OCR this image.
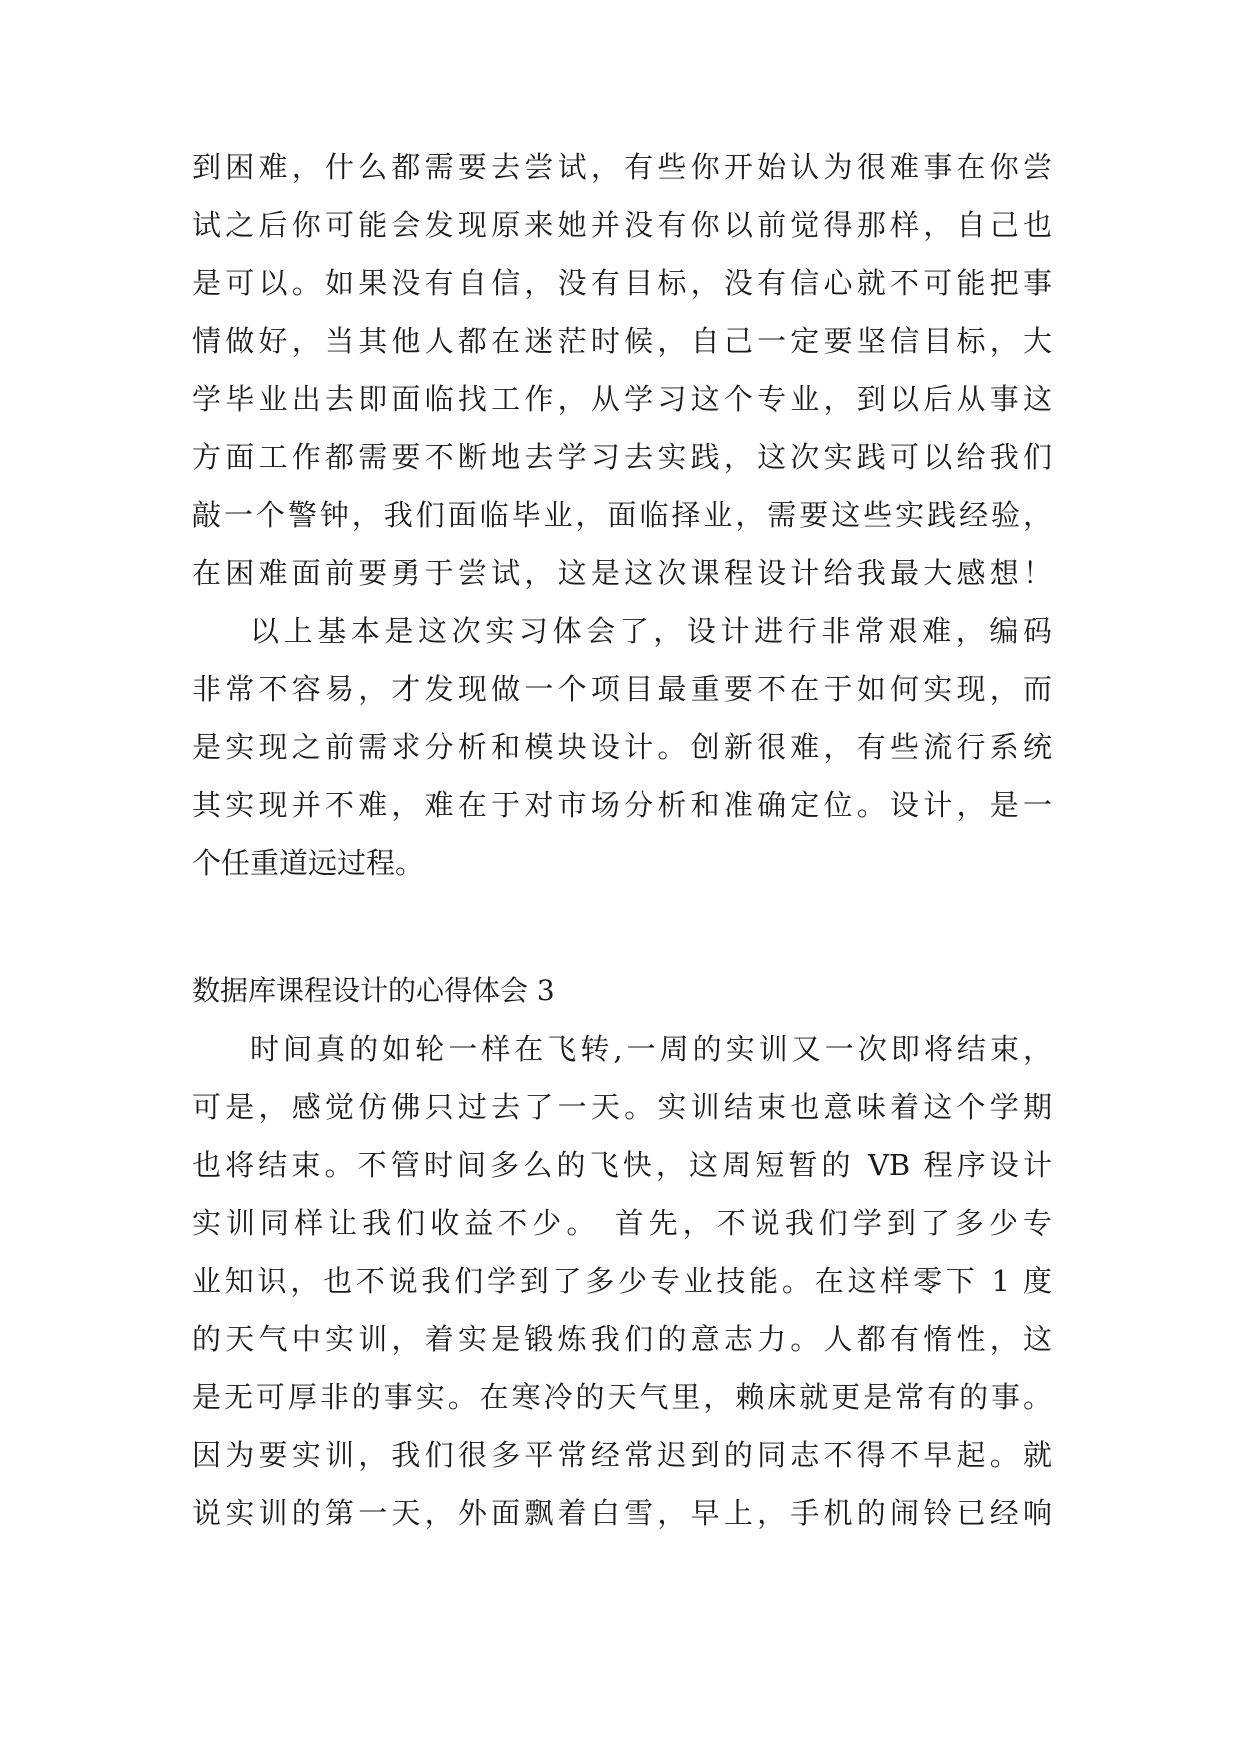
到困难，什么都需要去尝试，有些你开始认为很难事在你尝
试之后你可能会发现原来她并没有你以前觉得那样，自己也
是可以。如果没有自信，没有目标，没有信心就不可能把事
情做好，当其他人都在迷茫时候，自己一定要坚信目标，大
学毕业出去即面临找工作，从学习这个专业，到以后从事这
方面工作都需要不断地去学习去实践，这次实践可以给我们
敲一个警钟，我们面临毕业，面临择业，需要这些实践经验，
在困难面前要勇于尝试，这是这次课程设计给我最大感想！
以上基本是这次实习体会了，设计进行非常艰难，编码
非常不容易，才发现做一个项目最重要不在于如何实现，而
是实现之前需求分析和模块设计。创新很难，有些流行系统
其实现并不难，难在于对市场分析和准确定位。设计，是一
个任重道远过程。
数据库课程设计的心得体会 3
时间真的如轮一样在飞转,一周的实训又一次即将结束，
可是，感觉仿佛只过去了一天。实训结束也意味着这个学期
也将结束。不管时间多么的飞快，这周短暂的 VB 程序设计
实训同样让我们收益不少。 首先，不说我们学到了多少专
业知识，也不说我们学到了多少专业技能。在这样零下 1 度
的天气中实训，着实是锻炼我们的意志力。人都有惰性，这
是无可厚非的事实。在寒冷的天气里，赖床就更是常有的事。
因为要实训，我们很多平常经常迟到的同志不得不早起。就
说实训的第一天，外面飘着白雪，早上，手机的闹铃已经响
